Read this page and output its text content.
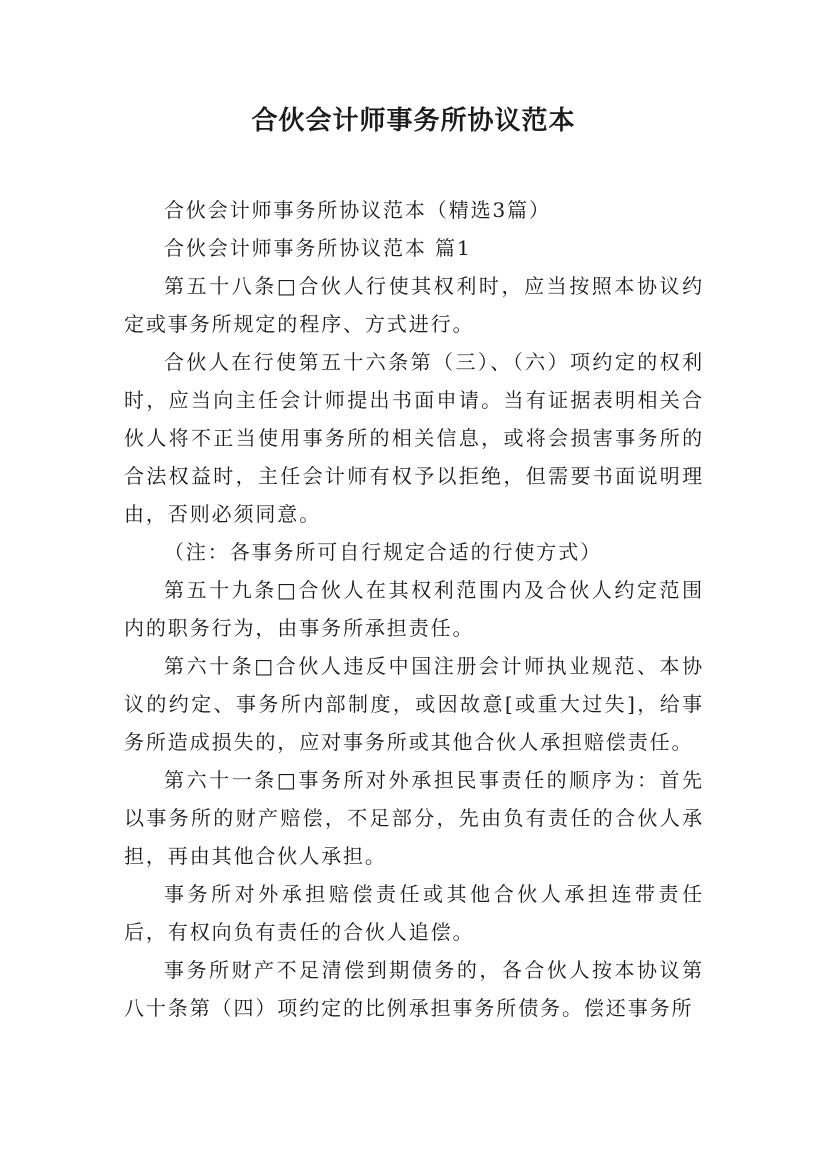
合伙会计师事务所协议范本

合伙会计师事务所协议范本（精选3篇）

合伙会计师事务所协议范本 篇1

第五十八条□合伙人行使其权利时，应当按照本协议约定或事务所规定的程序、方式进行。

合伙人在行使第五十六条第（三）、（六）项约定的权利时，应当向主任会计师提出书面申请。当有证据表明相关合伙人将不正当使用事务所的相关信息，或将会损害事务所的合法权益时，主任会计师有权予以拒绝，但需要书面说明理由，否则必须同意。

（注：各事务所可自行规定合适的行使方式）

第五十九条□合伙人在其权利范围内及合伙人约定范围内的职务行为，由事务所承担责任。

第六十条□合伙人违反中国注册会计师执业规范、本协议的约定、事务所内部制度，或因故意[或重大过失]，给事务所造成损失的，应对事务所或其他合伙人承担赔偿责任。

第六十一条□事务所对外承担民事责任的顺序为：首先以事务所的财产赔偿，不足部分，先由负有责任的合伙人承担，再由其他合伙人承担。

事务所对外承担赔偿责任或其他合伙人承担连带责任后，有权向负有责任的合伙人追偿。

事务所财产不足清偿到期债务的，各合伙人按本协议第八十条第（四）项约定的比例承担事务所债务。偿还事务所
